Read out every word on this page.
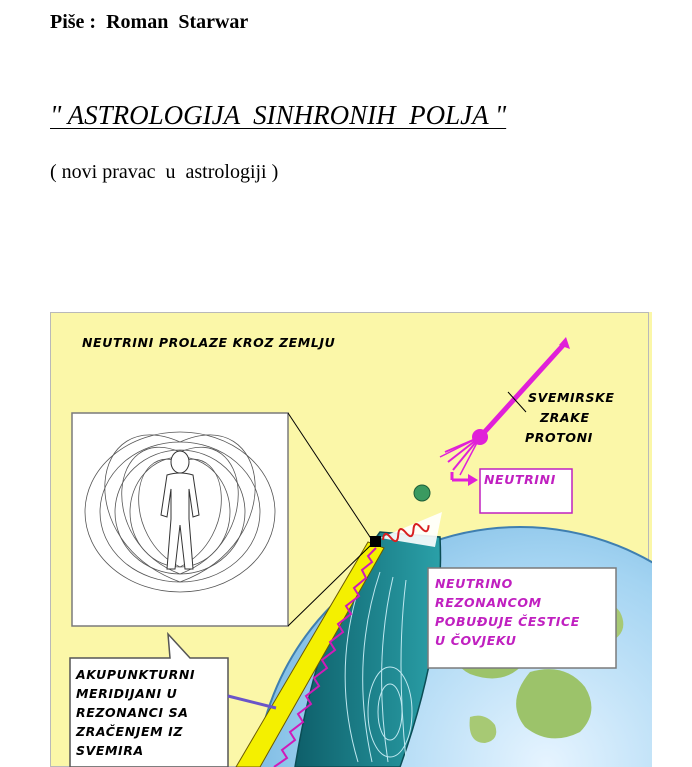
Piše :  Roman  Starwar
" ASTROLOGIJA  SINHRONIH  POLJA "
( novi pravac  u  astrologiji )
NEUTRINI PROLAZE KROZ ZEMLJU
SVEMIRSKE
ZRAKE
PROTONI
NEUTRINI
NEUTRINO
REZONANCOM
POBUĐUJE ČESTICE
U ČOVJEKU
AKUPUNKTURNI
MERIDIJANI U
REZONANCI SA
ZRAČENJEM IZ
SVEMIRA
